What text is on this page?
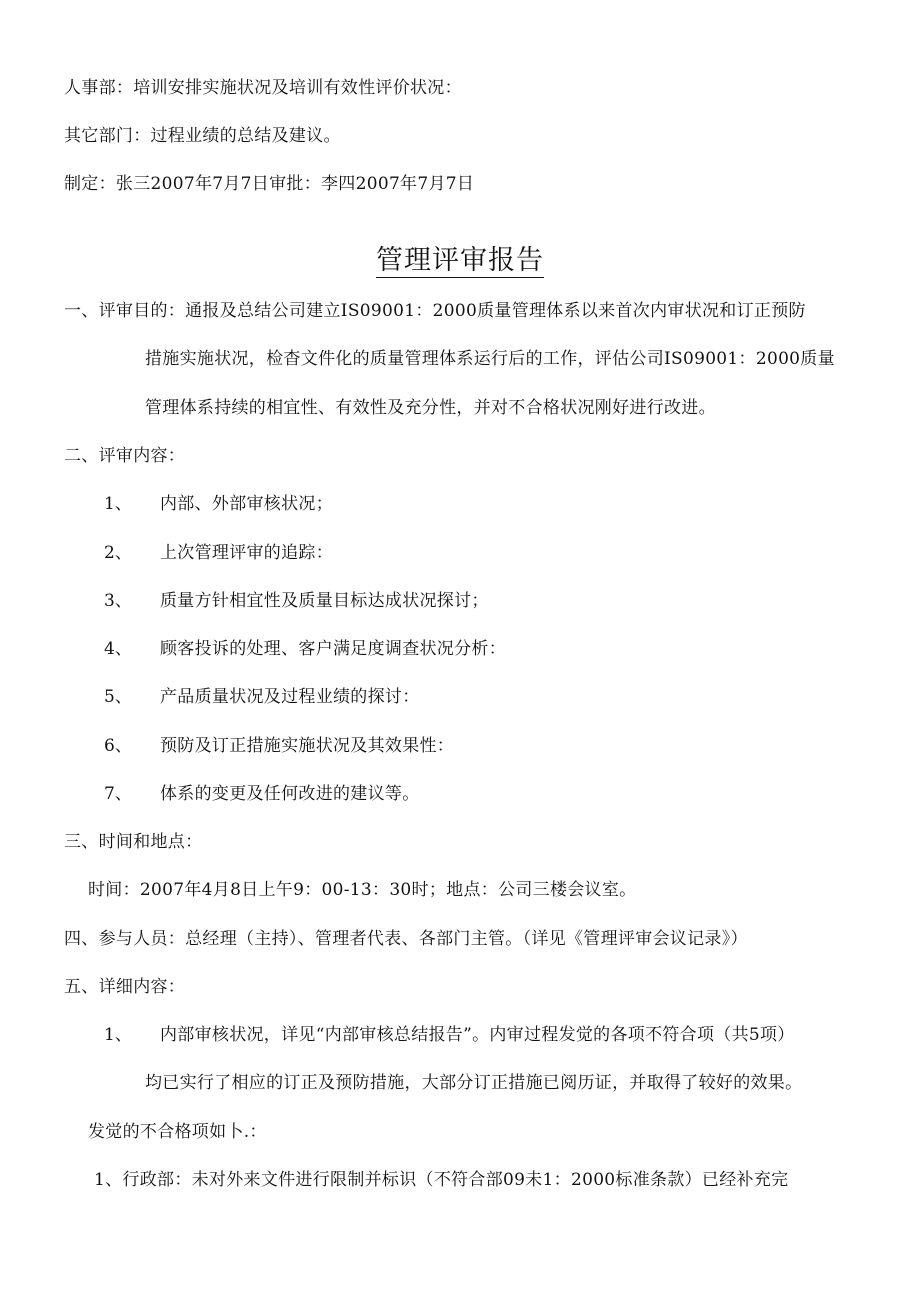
人事部：培训安排实施状况及培训有效性评价状况：
其它部门：过程业绩的总结及建议。
制定：张三2007年7月7日审批：李四2007年7月7日
管理评审报告
一、评审目的：通报及总结公司建立IS09001：2000质量管理体系以来首次内审状况和订正预防
措施实施状况，检杳文件化的质量管理体系运行后的工作，评估公司IS09001：2000质量
管理体系持续的相宜性、有效性及充分性，并对不合格状况刚好进行改进。
二、评审内容：
1、 内部、外部审核状况；
2、 上次管理评审的追踪：
3、 质量方针相宜性及质量目标达成状况探讨；
4、 顾客投诉的处理、客户满足度调查状况分析：
5、 产品质量状况及过程业绩的探讨：
6、 预防及订正措施实施状况及其效果性：
7、 体系的变更及任何改进的建议等。
三、时间和地点：
时间：2007年4月8日上午9：00-13：30时；地点：公司三楼会议室。
四、参与人员：总经理（主持）、管理者代表、各部门主管。（详见《管理评审会议记录》）
五、详细内容：
1、 内部审核状况，详见“内部审核总结报告”。内审过程发觉的各项不符合项（共5项）
均已实行了相应的订正及预防措施，大部分订正措施已阅历证，并取得了较好的效果。
发觉的不合格项如卜.：
1、行政部：未对外来文件进行限制并标识（不符合部09未1：2000标准条款）已经补充完
